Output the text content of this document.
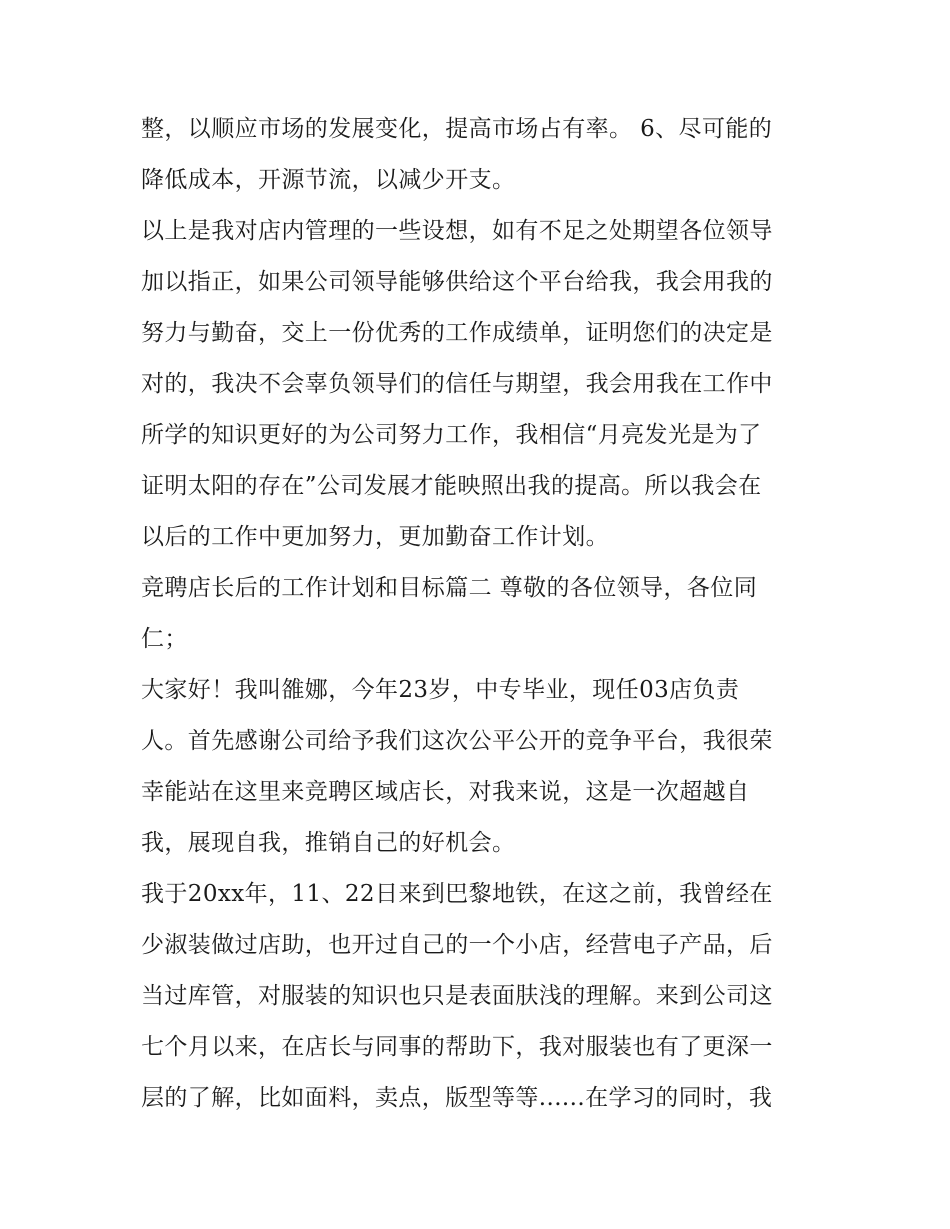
整，以顺应市场的发展变化，提高市场占有率。 6、尽可能的
降低成本，开源节流，以减少开支。
以上是我对店内管理的一些设想，如有不足之处期望各位领导
加以指正，如果公司领导能够供给这个平台给我，我会用我的
努力与勤奋，交上一份优秀的工作成绩单，证明您们的决定是
对的，我决不会辜负领导们的信任与期望，我会用我在工作中
所学的知识更好的为公司努力工作，我相信“月亮发光是为了
证明太阳的存在”公司发展才能映照出我的提高。所以我会在
以后的工作中更加努力，更加勤奋工作计划。
竞聘店长后的工作计划和目标篇二 尊敬的各位领导，各位同
仁；
大家好！我叫雒娜，今年23岁，中专毕业，现任03店负责
人。首先感谢公司给予我们这次公平公开的竞争平台，我很荣
幸能站在这里来竞聘区域店长，对我来说，这是一次超越自
我，展现自我，推销自己的好机会。
我于20xx年，11、22日来到巴黎地铁，在这之前，我曾经在
少淑装做过店助，也开过自己的一个小店，经营电子产品，后
当过库管，对服装的知识也只是表面肤浅的理解。来到公司这
七个月以来，在店长与同事的帮助下，我对服装也有了更深一
层的了解，比如面料，卖点，版型等等......在学习的同时，我
